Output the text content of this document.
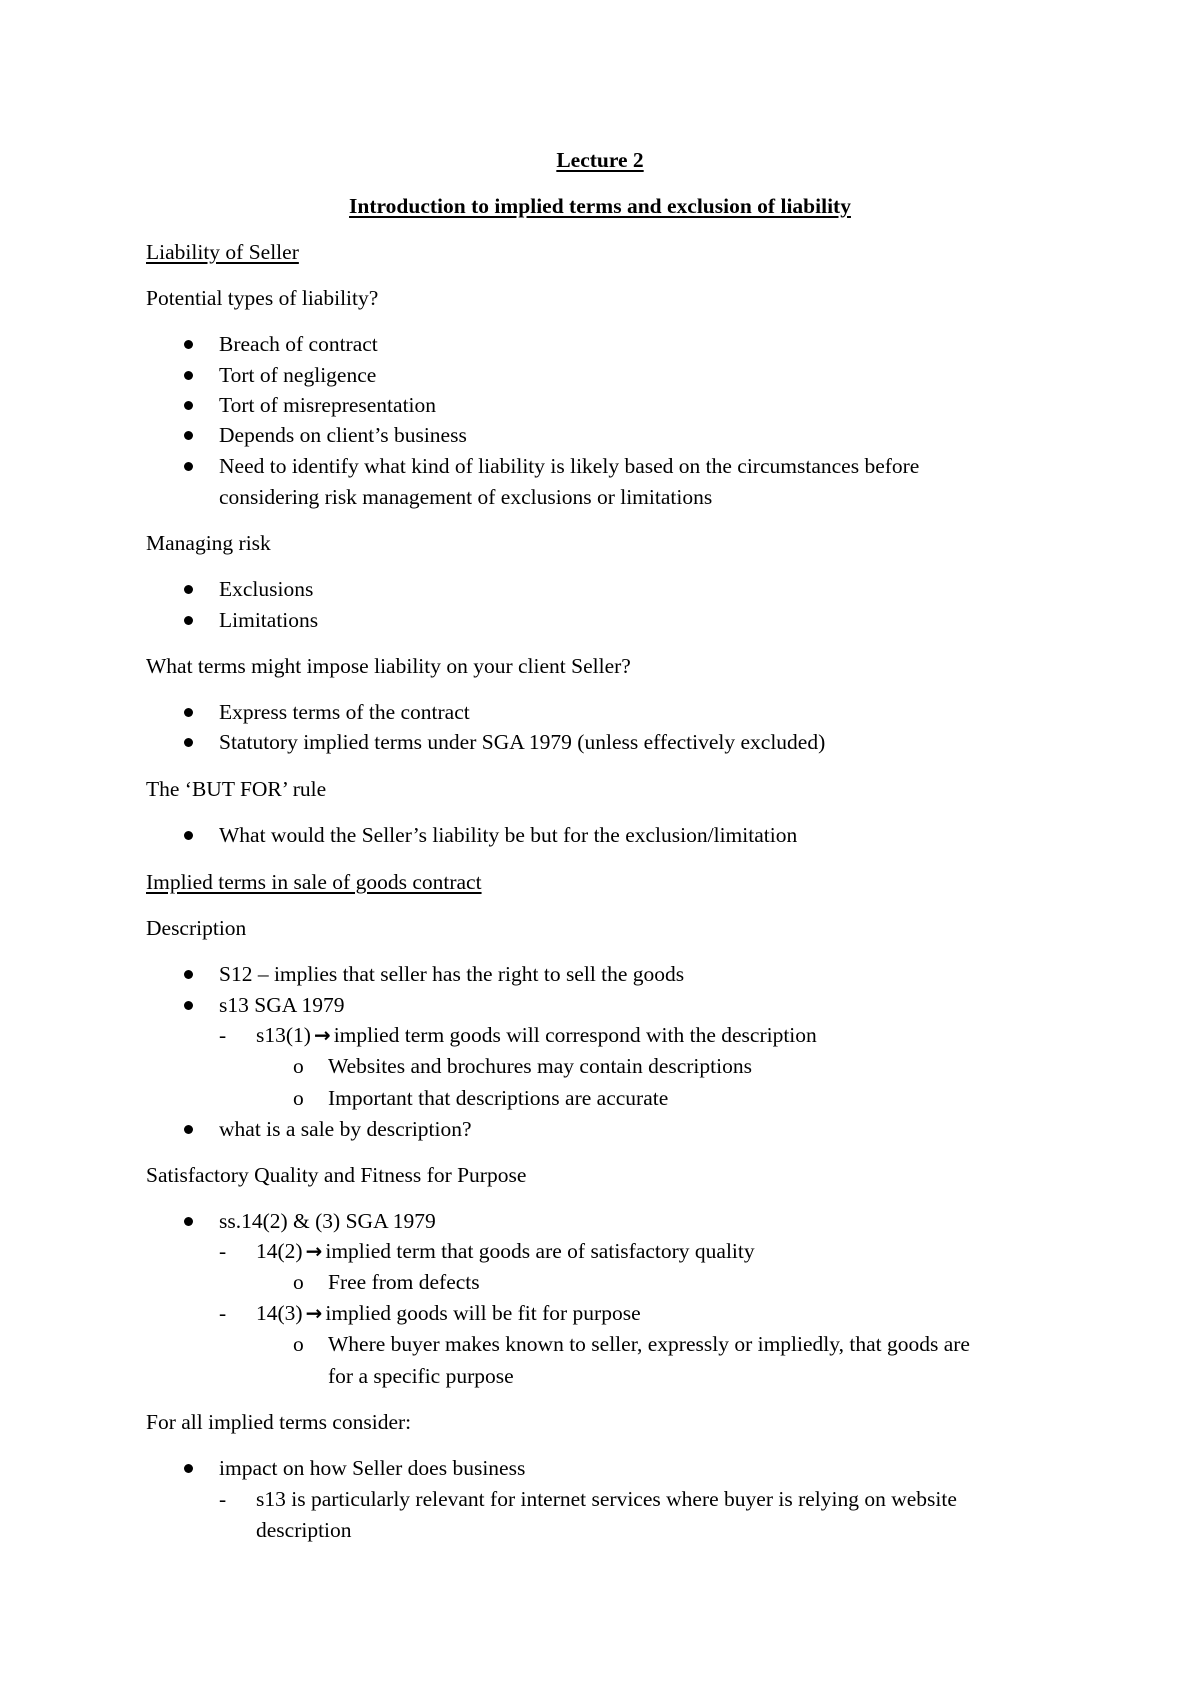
Lecture 2
Introduction to implied terms and exclusion of liability
Liability of Seller
Potential types of liability?
Breach of contract
Tort of negligence
Tort of misrepresentation
Depends on client’s business
Need to identify what kind of liability is likely based on the circumstances before
considering risk management of exclusions or limitations
Managing risk
Exclusions
Limitations
What terms might impose liability on your client Seller?
Express terms of the contract
Statutory implied terms under SGA 1979 (unless effectively excluded)
The ‘BUT FOR’ rule
What would the Seller’s liability be but for the exclusion/limitation
Implied terms in sale of goods contract
Description
S12 – implies that seller has the right to sell the goods
s13 SGA 1979
- s13(1) → implied term goods will correspond with the description
o Websites and brochures may contain descriptions
o Important that descriptions are accurate
what is a sale by description?
Satisfactory Quality and Fitness for Purpose
ss.14(2) & (3) SGA 1979
- 14(2) → implied term that goods are of satisfactory quality
o Free from defects
- 14(3) → implied goods will be fit for purpose
o Where buyer makes known to seller, expressly or impliedly, that goods are
for a specific purpose
For all implied terms consider:
impact on how Seller does business
- s13 is particularly relevant for internet services where buyer is relying on website
description
